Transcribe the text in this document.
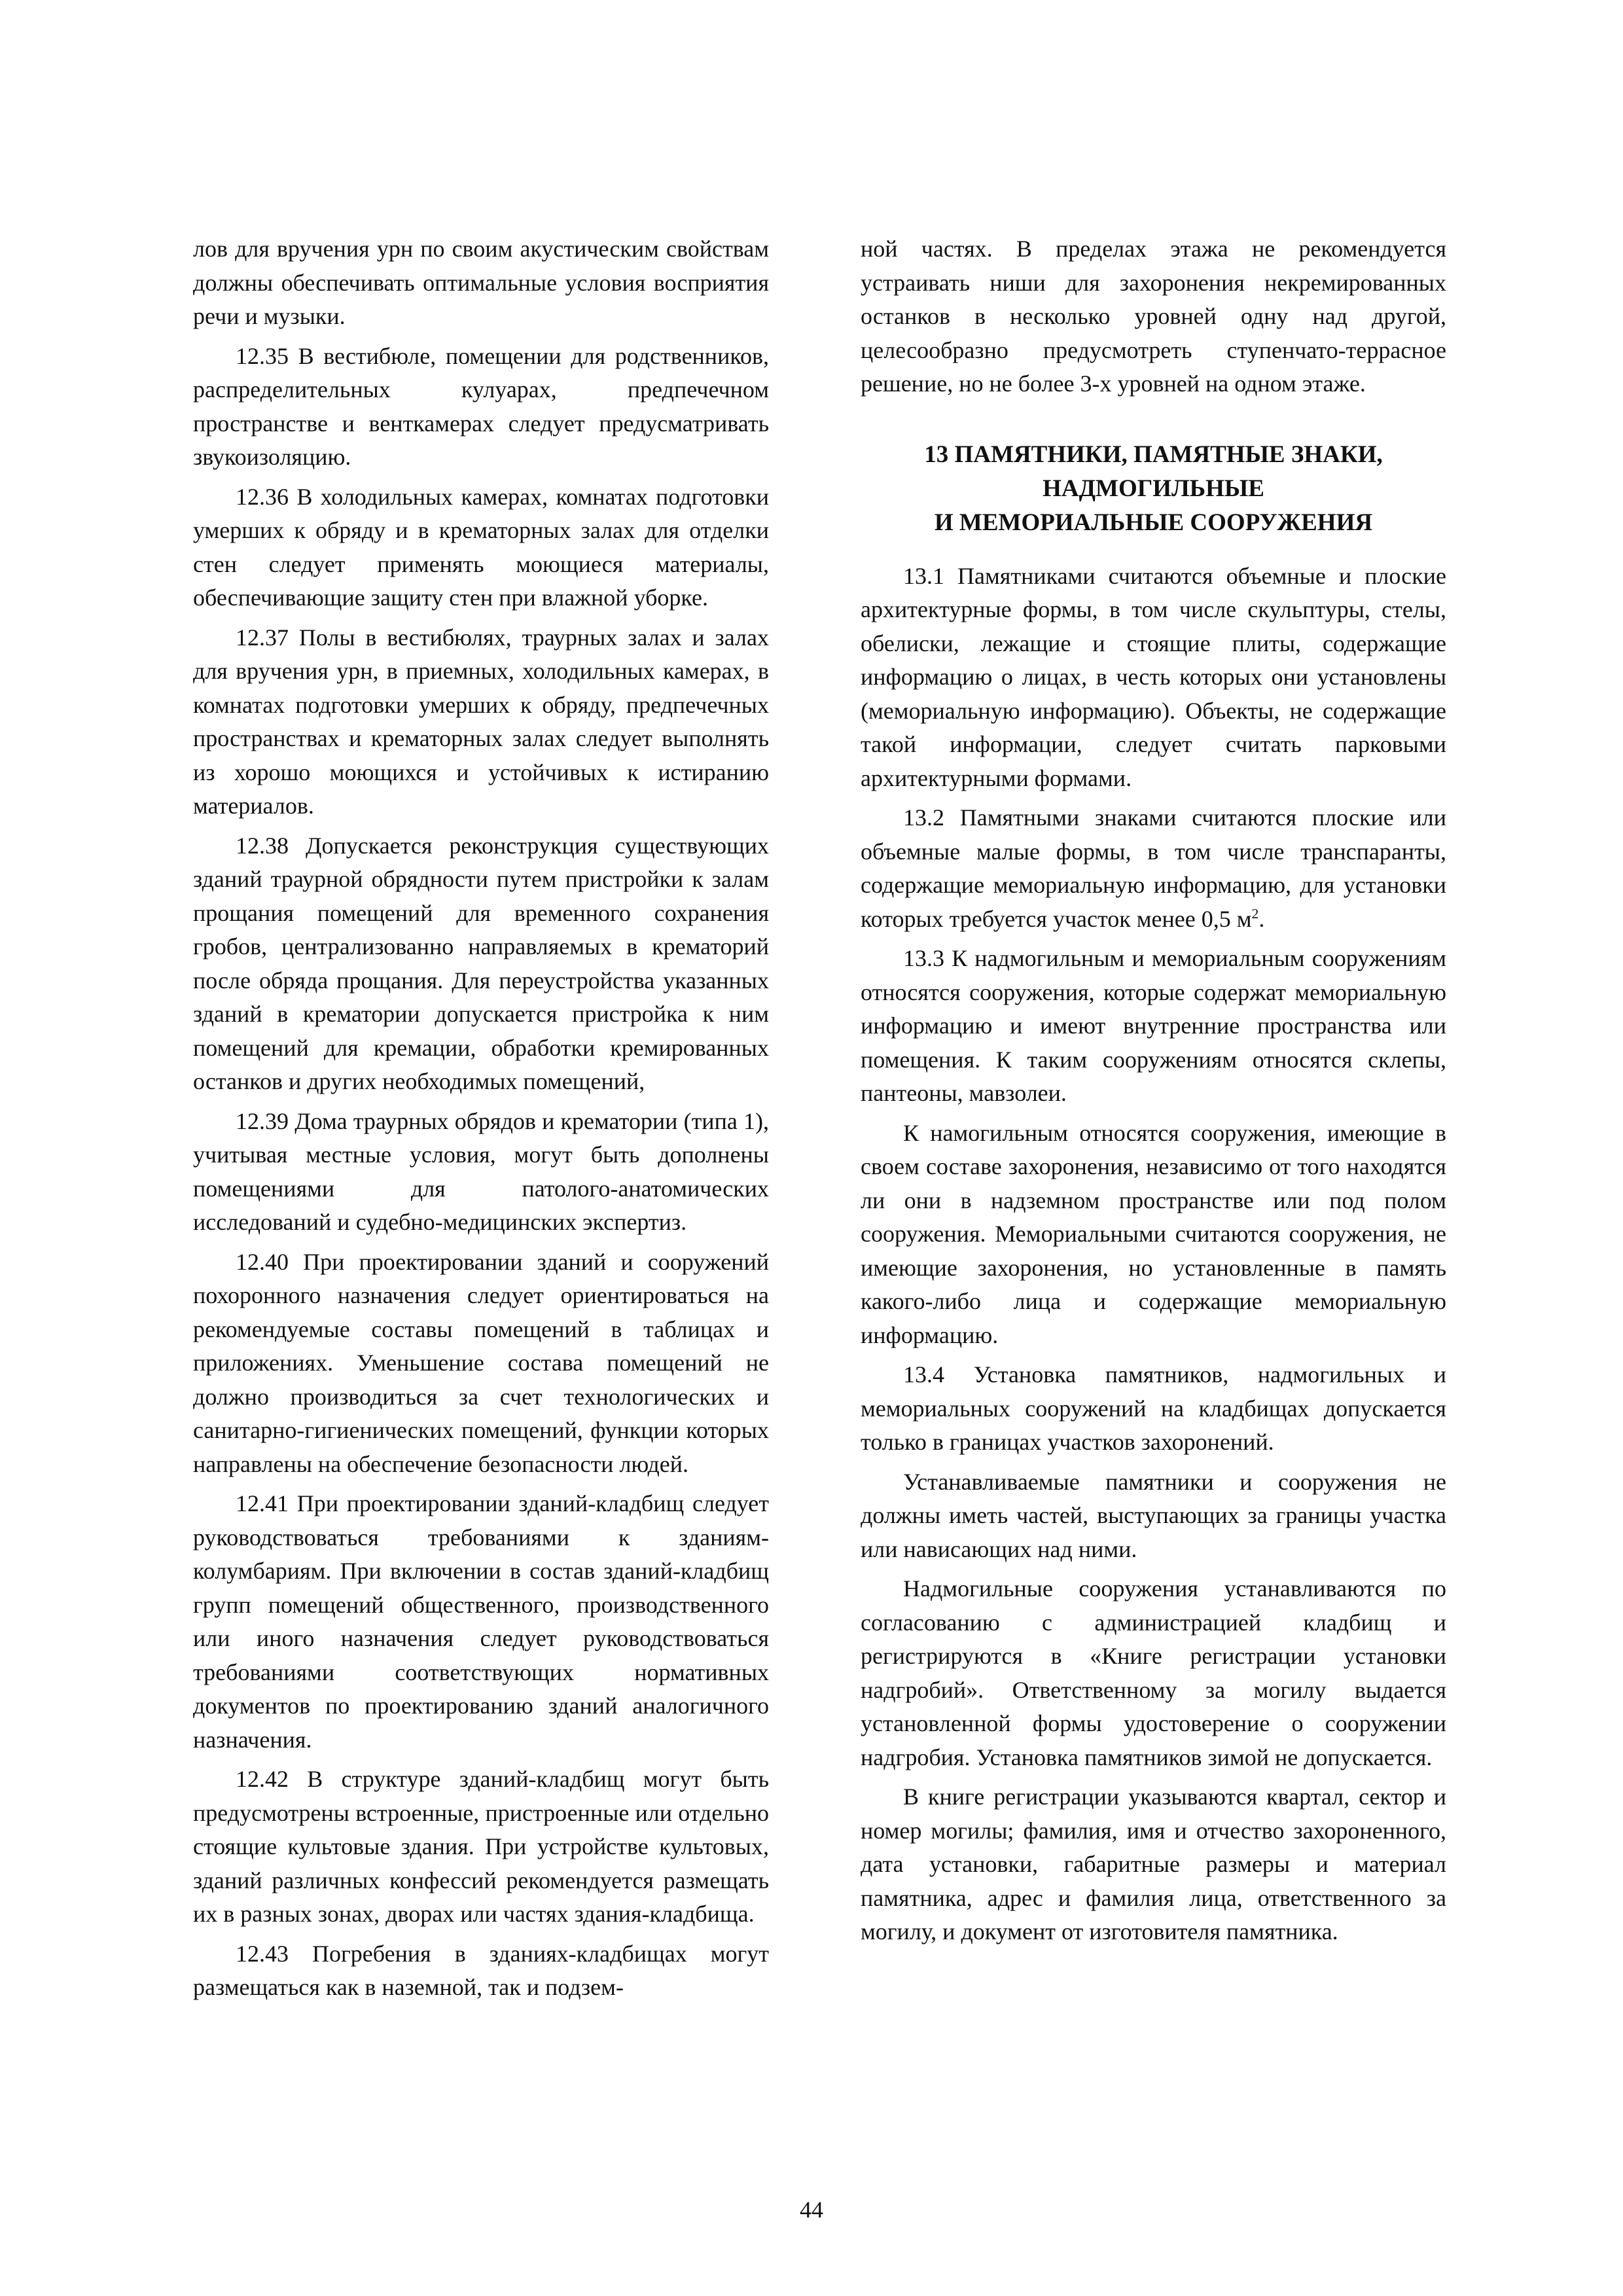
лов для вручения урн по своим акустическим свойствам должны обеспечивать оптимальные условия восприятия речи и музыки.

12.35 В вестибюле, помещении для родственников, распределительных кулуарах, предпечечном пространстве и венткамерах следует предусматривать звукоизоляцию.

12.36 В холодильных камерах, комнатах подготовки умерших к обряду и в крематорных залах для отделки стен следует применять моющиеся материалы, обеспечивающие защиту стен при влажной уборке.

12.37 Полы в вестибюлях, траурных залах и залах для вручения урн, в приемных, холодильных камерах, в комнатах подготовки умерших к обряду, предпечечных пространствах и крематорных залах следует выполнять из хорошо моющихся и устойчивых к истиранию материалов.

12.38 Допускается реконструкция существующих зданий траурной обрядности путем пристройки к залам прощания помещений для временного сохранения гробов, централизованно направляемых в крематорий после обряда прощания. Для переустройства указанных зданий в крематории допускается пристройка к ним помещений для кремации, обработки кремированных останков и других необходимых помещений,

12.39 Дома траурных обрядов и крематории (типа 1), учитывая местные условия, могут быть дополнены помещениями для патолого-анатомических исследований и судебно-медицинских экспертиз.

12.40 При проектировании зданий и сооружений похоронного назначения следует ориентироваться на рекомендуемые составы помещений в таблицах и приложениях. Уменьшение состава помещений не должно производиться за счет технологических и санитарно-гигиенических помещений, функции которых направлены на обеспечение безопасности людей.

12.41 При проектировании зданий-кладбищ следует руководствоваться требованиями к зданиям-колумбариям. При включении в состав зданий-кладбищ групп помещений общественного, производственного или иного назначения следует руководствоваться требованиями соответствующих нормативных документов по проектированию зданий аналогичного назначения.

12.42 В структуре зданий-кладбищ могут быть предусмотрены встроенные, пристроенные или отдельно стоящие культовые здания. При устройстве культовых, зданий различных конфессий рекомендуется размещать их в разных зонах, дворах или частях здания-кладбища.

12.43 Погребения в зданиях-кладбищах могут размещаться как в наземной, так и подзем-

ной частях. В пределах этажа не рекомендуется устраивать ниши для захоронения некремированных останков в несколько уровней одну над другой, целесообразно предусмотреть ступенчато-террасное решение, но не более 3-х уровней на одном этаже.

13 ПАМЯТНИКИ, ПАМЯТНЫЕ ЗНАКИ,
НАДМОГИЛЬНЫЕ
И МЕМОРИАЛЬНЫЕ СООРУЖЕНИЯ

13.1 Памятниками считаются объемные и плоские архитектурные формы, в том числе скульптуры, стелы, обелиски, лежащие и стоящие плиты, содержащие информацию о лицах, в честь которых они установлены (мемориальную информацию). Объекты, не содержащие такой информации, следует считать парковыми архитектурными формами.

13.2 Памятными знаками считаются плоские или объемные малые формы, в том числе транспаранты, содержащие мемориальную информацию, для установки которых требуется участок менее 0,5 $м^2$.

13.3 К надмогильным и мемориальным сооружениям относятся сооружения, которые содержат мемориальную информацию и имеют внутренние пространства или помещения. К таким сооружениям относятся склепы, пантеоны, мавзолеи.

К намогильным относятся сооружения, имеющие в своем составе захоронения, независимо от того находятся ли они в надземном пространстве или под полом сооружения. Мемориальными считаются сооружения, не имеющие захоронения, но установленные в память какого-либо лица и содержащие мемориальную информацию.

13.4 Установка памятников, надмогильных и мемориальных сооружений на кладбищах допускается только в границах участков захоронений.

Устанавливаемые памятники и сооружения не должны иметь частей, выступающих за границы участка или нависающих над ними.

Надмогильные сооружения устанавливаются по согласованию с администрацией кладбищ и регистрируются в «Книге регистрации установки надгробий». Ответственному за могилу выдается установленной формы удостоверение о сооружении надгробия. Установка памятников зимой не допускается.

В книге регистрации указываются квартал, сектор и номер могилы; фамилия, имя и отчество захороненного, дата установки, габаритные размеры и материал памятника, адрес и фамилия лица, ответственного за могилу, и документ от изготовителя памятника.

44
